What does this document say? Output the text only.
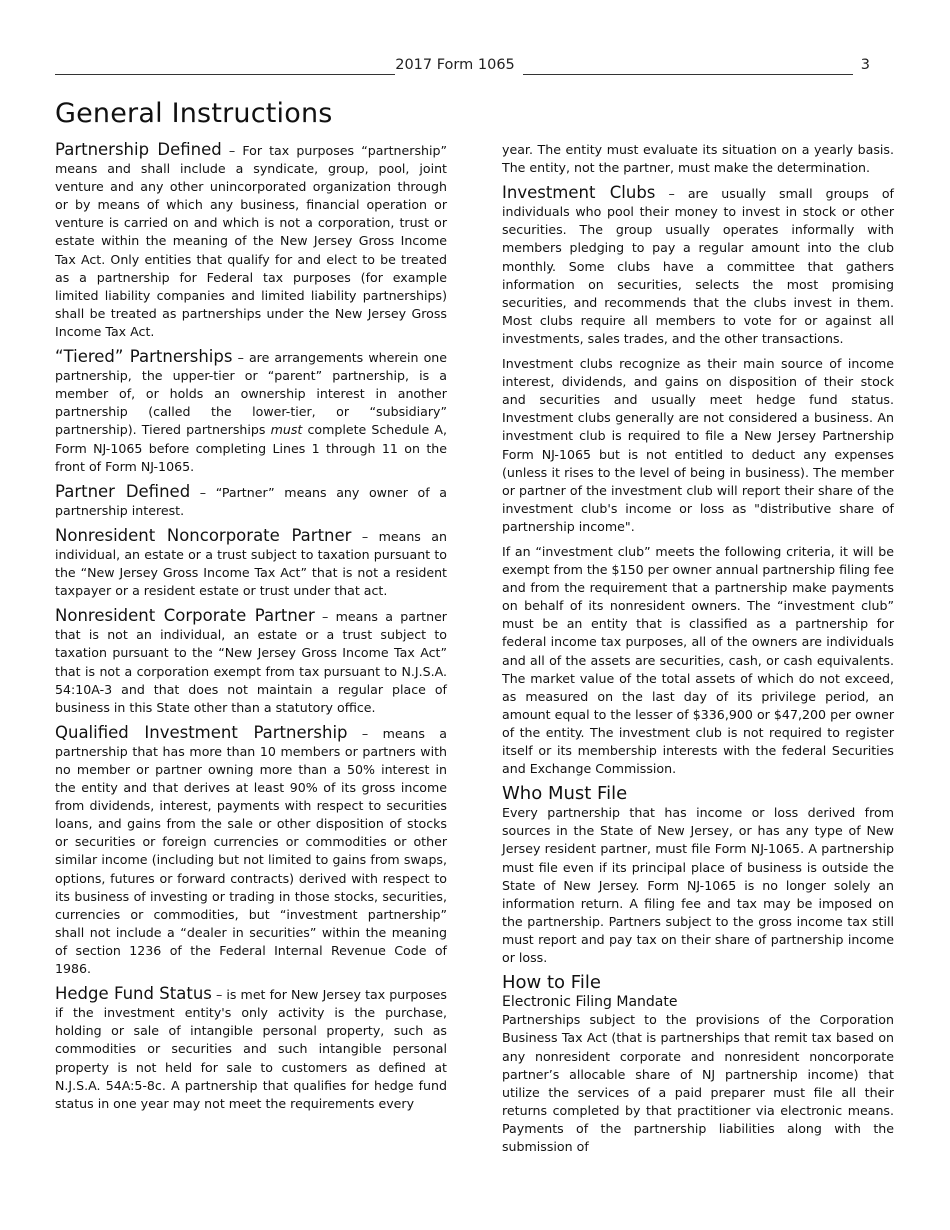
2017 Form 1065	3
General Instructions

Partnership Defined – For tax purposes “partnership” means and shall include a syndicate, group, pool, joint venture and any other unincorporated organization through or by means of which any business, financial operation or venture is carried on and which is not a corporation, trust or estate within the meaning of the New Jersey Gross Income Tax Act. Only entities that qualify for and elect to be treated as a partnership for Federal tax purposes (for example limited liability companies and limited liability partnerships) shall be treated as partnerships under the New Jersey Gross Income Tax Act.

“Tiered” Partnerships – are arrangements wherein one partnership, the upper-tier or “parent” partnership, is a member of, or holds an ownership interest in another partnership (called the lower-tier, or “subsidiary” partnership). Tiered partnerships must complete Schedule A, Form NJ-1065 before completing Lines 1 through 11 on the front of Form NJ-1065.

Partner Defined – “Partner” means any owner of a partnership interest.

Nonresident Noncorporate Partner – means an individual, an estate or a trust subject to taxation pursuant to the “New Jersey Gross Income Tax Act” that is not a resident taxpayer or a resident estate or trust under that act.

Nonresident Corporate Partner – means a partner that is not an individual, an estate or a trust subject to taxation pursuant to the “New Jersey Gross Income Tax Act” that is not a corporation exempt from tax pursuant to N.J.S.A. 54:10A-3 and that does not maintain a regular place of business in this State other than a statutory office.

Qualified Investment Partnership – means a partnership that has more than 10 members or partners with no member or partner owning more than a 50% interest in the entity and that derives at least 90% of its gross income from dividends, interest, payments with respect to securities loans, and gains from the sale or other disposition of stocks or securities or foreign currencies or commodities or other similar income (including but not limited to gains from swaps, options, futures or forward contracts) derived with respect to its business of investing or trading in those stocks, securities, currencies or commodities, but “investment partnership” shall not include a “dealer in securities” within the meaning of section 1236 of the Federal Internal Revenue Code of 1986.

Hedge Fund Status – is met for New Jersey tax purposes if the investment entity's only activity is the purchase, holding or sale of intangible personal property, such as commodities or securities and such intangible personal property is not held for sale to customers as defined at N.J.S.A. 54A:5-8c. A partnership that qualifies for hedge fund status in one year may not meet the requirements every

year. The entity must evaluate its situation on a yearly basis. The entity, not the partner, must make the determination.

Investment Clubs – are usually small groups of individuals who pool their money to invest in stock or other securities. The group usually operates informally with members pledging to pay a regular amount into the club monthly. Some clubs have a committee that gathers information on securities, selects the most promising securities, and recommends that the clubs invest in them. Most clubs require all members to vote for or against all investments, sales trades, and the other transactions.

Investment clubs recognize as their main source of income interest, dividends, and gains on disposition of their stock and securities and usually meet hedge fund status. Investment clubs generally are not considered a business. An investment club is required to file a New Jersey Partnership Form NJ-1065 but is not entitled to deduct any expenses (unless it rises to the level of being in business). The member or partner of the investment club will report their share of the investment club's income or loss as "distributive share of partnership income".

If an “investment club” meets the following criteria, it will be exempt from the $150 per owner annual partnership filing fee and from the requirement that a partnership make payments on behalf of its nonresident owners. The “investment club” must be an entity that is classified as a partnership for federal income tax purposes, all of the owners are individuals and all of the assets are securities, cash, or cash equivalents. The market value of the total assets of which do not exceed, as measured on the last day of its privilege period, an amount equal to the lesser of $336,900 or $47,200 per owner of the entity. The investment club is not required to register itself or its membership interests with the federal Securities and Exchange Commission.

Who Must File

Every partnership that has income or loss derived from sources in the State of New Jersey, or has any type of New Jersey resident partner, must file Form NJ-1065. A partnership must file even if its principal place of business is outside the State of New Jersey. Form NJ-1065 is no longer solely an information return. A filing fee and tax may be imposed on the partnership. Partners subject to the gross income tax still must report and pay tax on their share of partnership income or loss.

How to File
Electronic Filing Mandate

Partnerships subject to the provisions of the Corporation Business Tax Act (that is partnerships that remit tax based on any nonresident corporate and nonresident noncorporate partner’s allocable share of NJ partnership income) that utilize the services of a paid preparer must file all their returns completed by that practitioner via electronic means. Payments of the partnership liabilities along with the submission of
